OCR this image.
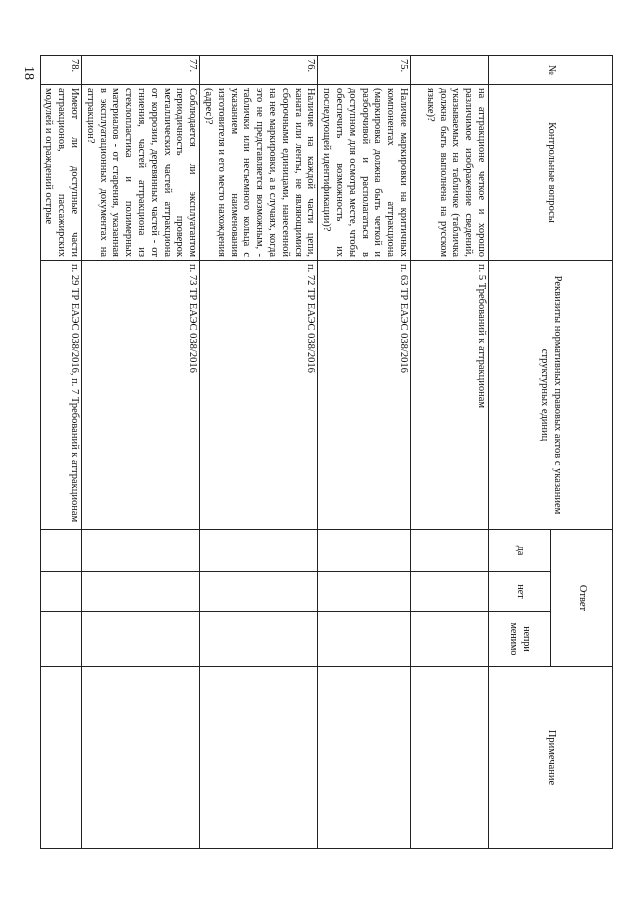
18	№	Контрольные вопросы	Реквизиты нормативных правовых актов с указанием структурных единиц	Ответ			Примечание
			да	нет	непри менимо	
	на аттракционе четкое и хорошо различимое изображение сведений, указываемых на табличке (табличка должна быть выполнена на русском языке)?	п. 5 Требований к аттракционам				
75.	Наличие маркировки на критичных компонентах аттракциона (маркировка должна быть четкой и разборчивой и располагаться в доступном для осмотра месте, чтобы обеспечить возможность их последующей идентификации)?	п. 63 ТР ЕАЭС 038/2016				
76.	Наличие на каждой части цепи, каната или ленты, не являющимися сборочными единицами, нанесенной на нее маркировки, а в случаях, когда это не представляется возможным, - таблички или несъемного кольца с указанием наименования изготовителя и его место нахождения (адрес)?	п. 72 ТР ЕАЭС 038/2016				
77.	Соблюдается ли эксплуатантом периодичность проверок металлических частей аттракциона от коррозии, деревянных частей - от гниения, частей аттракциона из стеклопластика и полимерных материалов - от старения, указанная в эксплуатационных документах на аттракцион?	п. 73 ТР ЕАЭС 038/2016				
78.	Имеют ли доступные части аттракционов, пассажирских модулей и ограждений острые	п. 29 ТР ЕАЭС 038/2016, п. 7 Требований к аттракционам				
